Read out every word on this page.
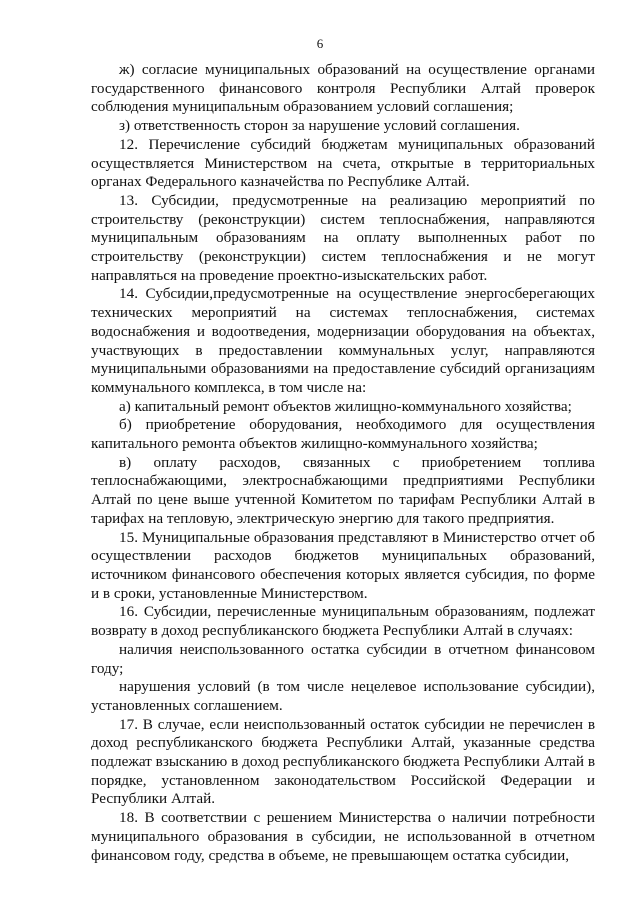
6

ж) согласие муниципальных образований на осуществление органами государственного финансового контроля Республики Алтай проверок соблюдения муниципальным образованием условий соглашения;

з) ответственность сторон за нарушение условий соглашения.

12. Перечисление субсидий бюджетам муниципальных образований осуществляется Министерством на счета, открытые в территориальных органах Федерального казначейства по Республике Алтай.

13. Субсидии, предусмотренные на реализацию мероприятий по строительству (реконструкции) систем теплоснабжения, направляются муниципальным образованиям на оплату выполненных работ по строительству (реконструкции) систем теплоснабжения и не могут направляться на проведение проектно-изыскательских работ.

14. Субсидии,предусмотренные на осуществление энергосберегающих технических мероприятий на системах теплоснабжения, системах водоснабжения и водоотведения, модернизации оборудования на объектах, участвующих в предоставлении коммунальных услуг, направляются муниципальными образованиями на предоставление субсидий организациям коммунального комплекса, в том числе на:

а) капитальный ремонт объектов жилищно-коммунального хозяйства;

б) приобретение оборудования, необходимого для осуществления капитального ремонта объектов жилищно-коммунального хозяйства;

в) оплату расходов, связанных с приобретением топлива теплоснабжающими, электроснабжающими предприятиями Республики Алтай по цене выше учтенной Комитетом по тарифам Республики Алтай в тарифах на тепловую, электрическую энергию для такого предприятия.

15. Муниципальные образования представляют в Министерство отчет об осуществлении расходов бюджетов муниципальных образований, источником финансового обеспечения которых является субсидия, по форме и в сроки, установленные Министерством.

16. Субсидии, перечисленные муниципальным образованиям, подлежат возврату в доход республиканского бюджета Республики Алтай в случаях:

наличия неиспользованного остатка субсидии в отчетном финансовом году;

нарушения условий (в том числе нецелевое использование субсидии), установленных соглашением.

17. В случае, если неиспользованный остаток субсидии не перечислен в доход республиканского бюджета Республики Алтай, указанные средства подлежат взысканию в доход республиканского бюджета Республики Алтай в порядке, установленном законодательством Российской Федерации и Республики Алтай.

18. В соответствии с решением Министерства о наличии потребности муниципального образования в субсидии, не использованной в отчетном финансовом году, средства в объеме, не превышающем остатка субсидии,
